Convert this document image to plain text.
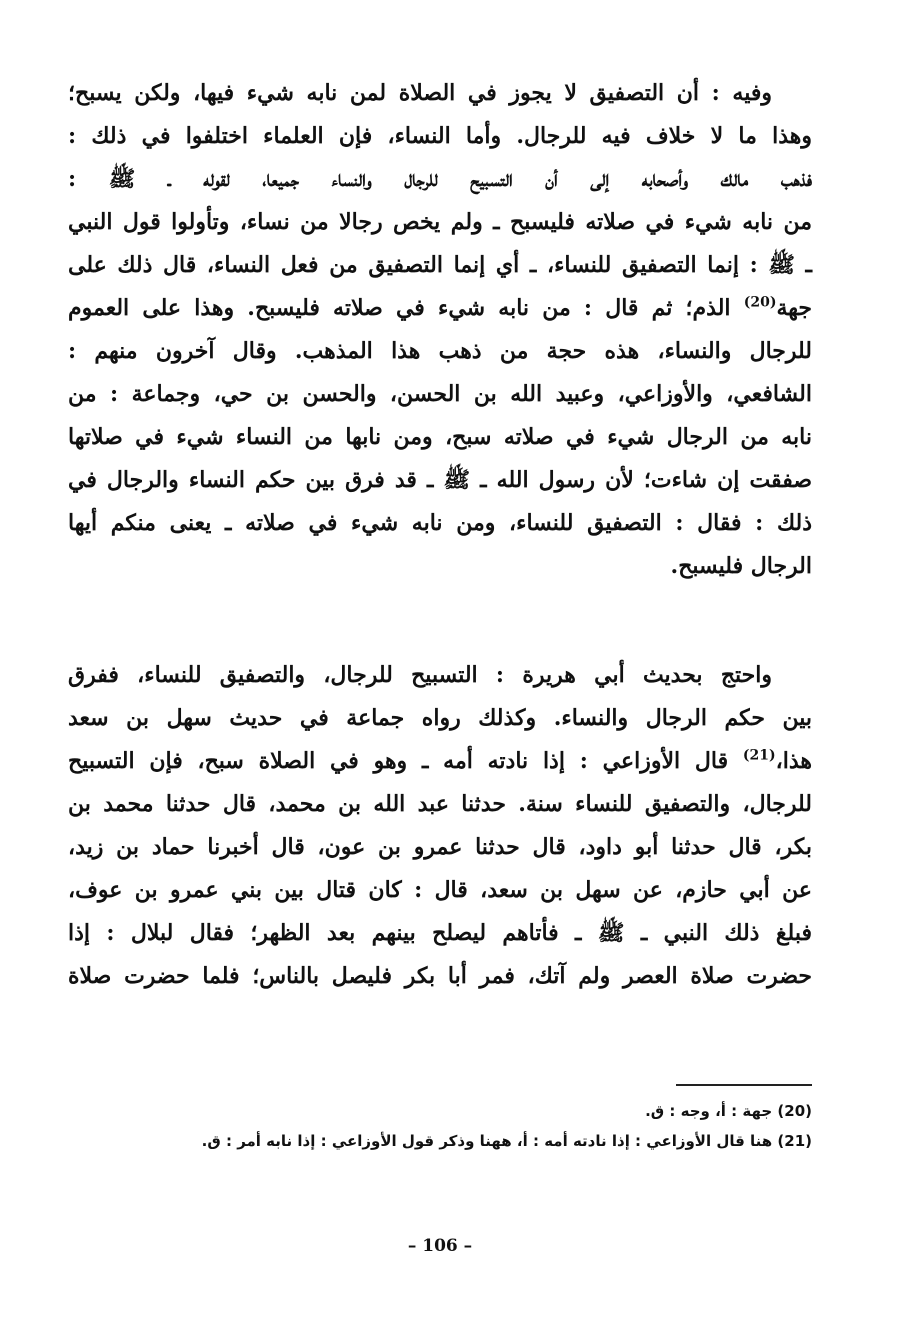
وفيه : أن التصفيق لا يجوز في الصلاة لمن نابه شيء فيها، ولكن يسبح؛
وهذا ما لا خلاف فيه للرجال. وأما النساء، فإن العلماء اختلفوا في ذلك :
فذهب مالك وأصحابه إلى أن التسبيح للرجال والنساء جميعا، لقوله ـ ﷺ :
من نابه شيء في صلاته فليسبح ـ ولم يخص رجالا من نساء، وتأولوا قول النبي
ـ ﷺ : إنما التصفيق للنساء، ـ أي إنما التصفيق من فعل النساء، قال ذلك على
جهة$^{(20)}$ الذم؛ ثم قال : من نابه شيء في صلاته فليسبح. وهذا على العموم
للرجال والنساء، هذه حجة من ذهب هذا المذهب. وقال آخرون منهم :
الشافعي، والأوزاعي، وعبيد الله بن الحسن، والحسن بن حي، وجماعة : من
نابه من الرجال شيء في صلاته سبح، ومن نابها من النساء شيء في صلاتها
صفقت إن شاءت؛ لأن رسول الله ـ ﷺ ـ قد فرق بين حكم النساء والرجال في
ذلك : فقال : التصفيق للنساء، ومن نابه شيء في صلاته ـ يعنى منكم أيها
الرجال فليسبح.
واحتج بحديث أبي هريرة : التسبيح للرجال، والتصفيق للنساء، ففرق
بين حكم الرجال والنساء. وكذلك رواه جماعة في حديث سهل بن سعد
هذا،$^{(21)}$ قال الأوزاعي : إذا نادته أمه ـ وهو في الصلاة سبح، فإن التسبيح
للرجال، والتصفيق للنساء سنة. حدثنا عبد الله بن محمد، قال حدثنا محمد بن
بكر، قال حدثنا أبو داود، قال حدثنا عمرو بن عون، قال أخبرنا حماد بن زيد،
عن أبي حازم، عن سهل بن سعد، قال : كان قتال بين بني عمرو بن عوف،
فبلغ ذلك النبي ـ ﷺ ـ فأتاهم ليصلح بينهم بعد الظهر؛ فقال لبلال : إذا
حضرت صلاة العصر ولم آتك، فمر أبا بكر فليصل بالناس؛ فلما حضرت صلاة
(20) جهة : أ، وجه : ق.
(21) هنا قال الأوزاعي : إذا نادته أمه : أ، ههنا وذكر قول الأوزاعي : إذا نابه أمر : ق.
– 106 –
